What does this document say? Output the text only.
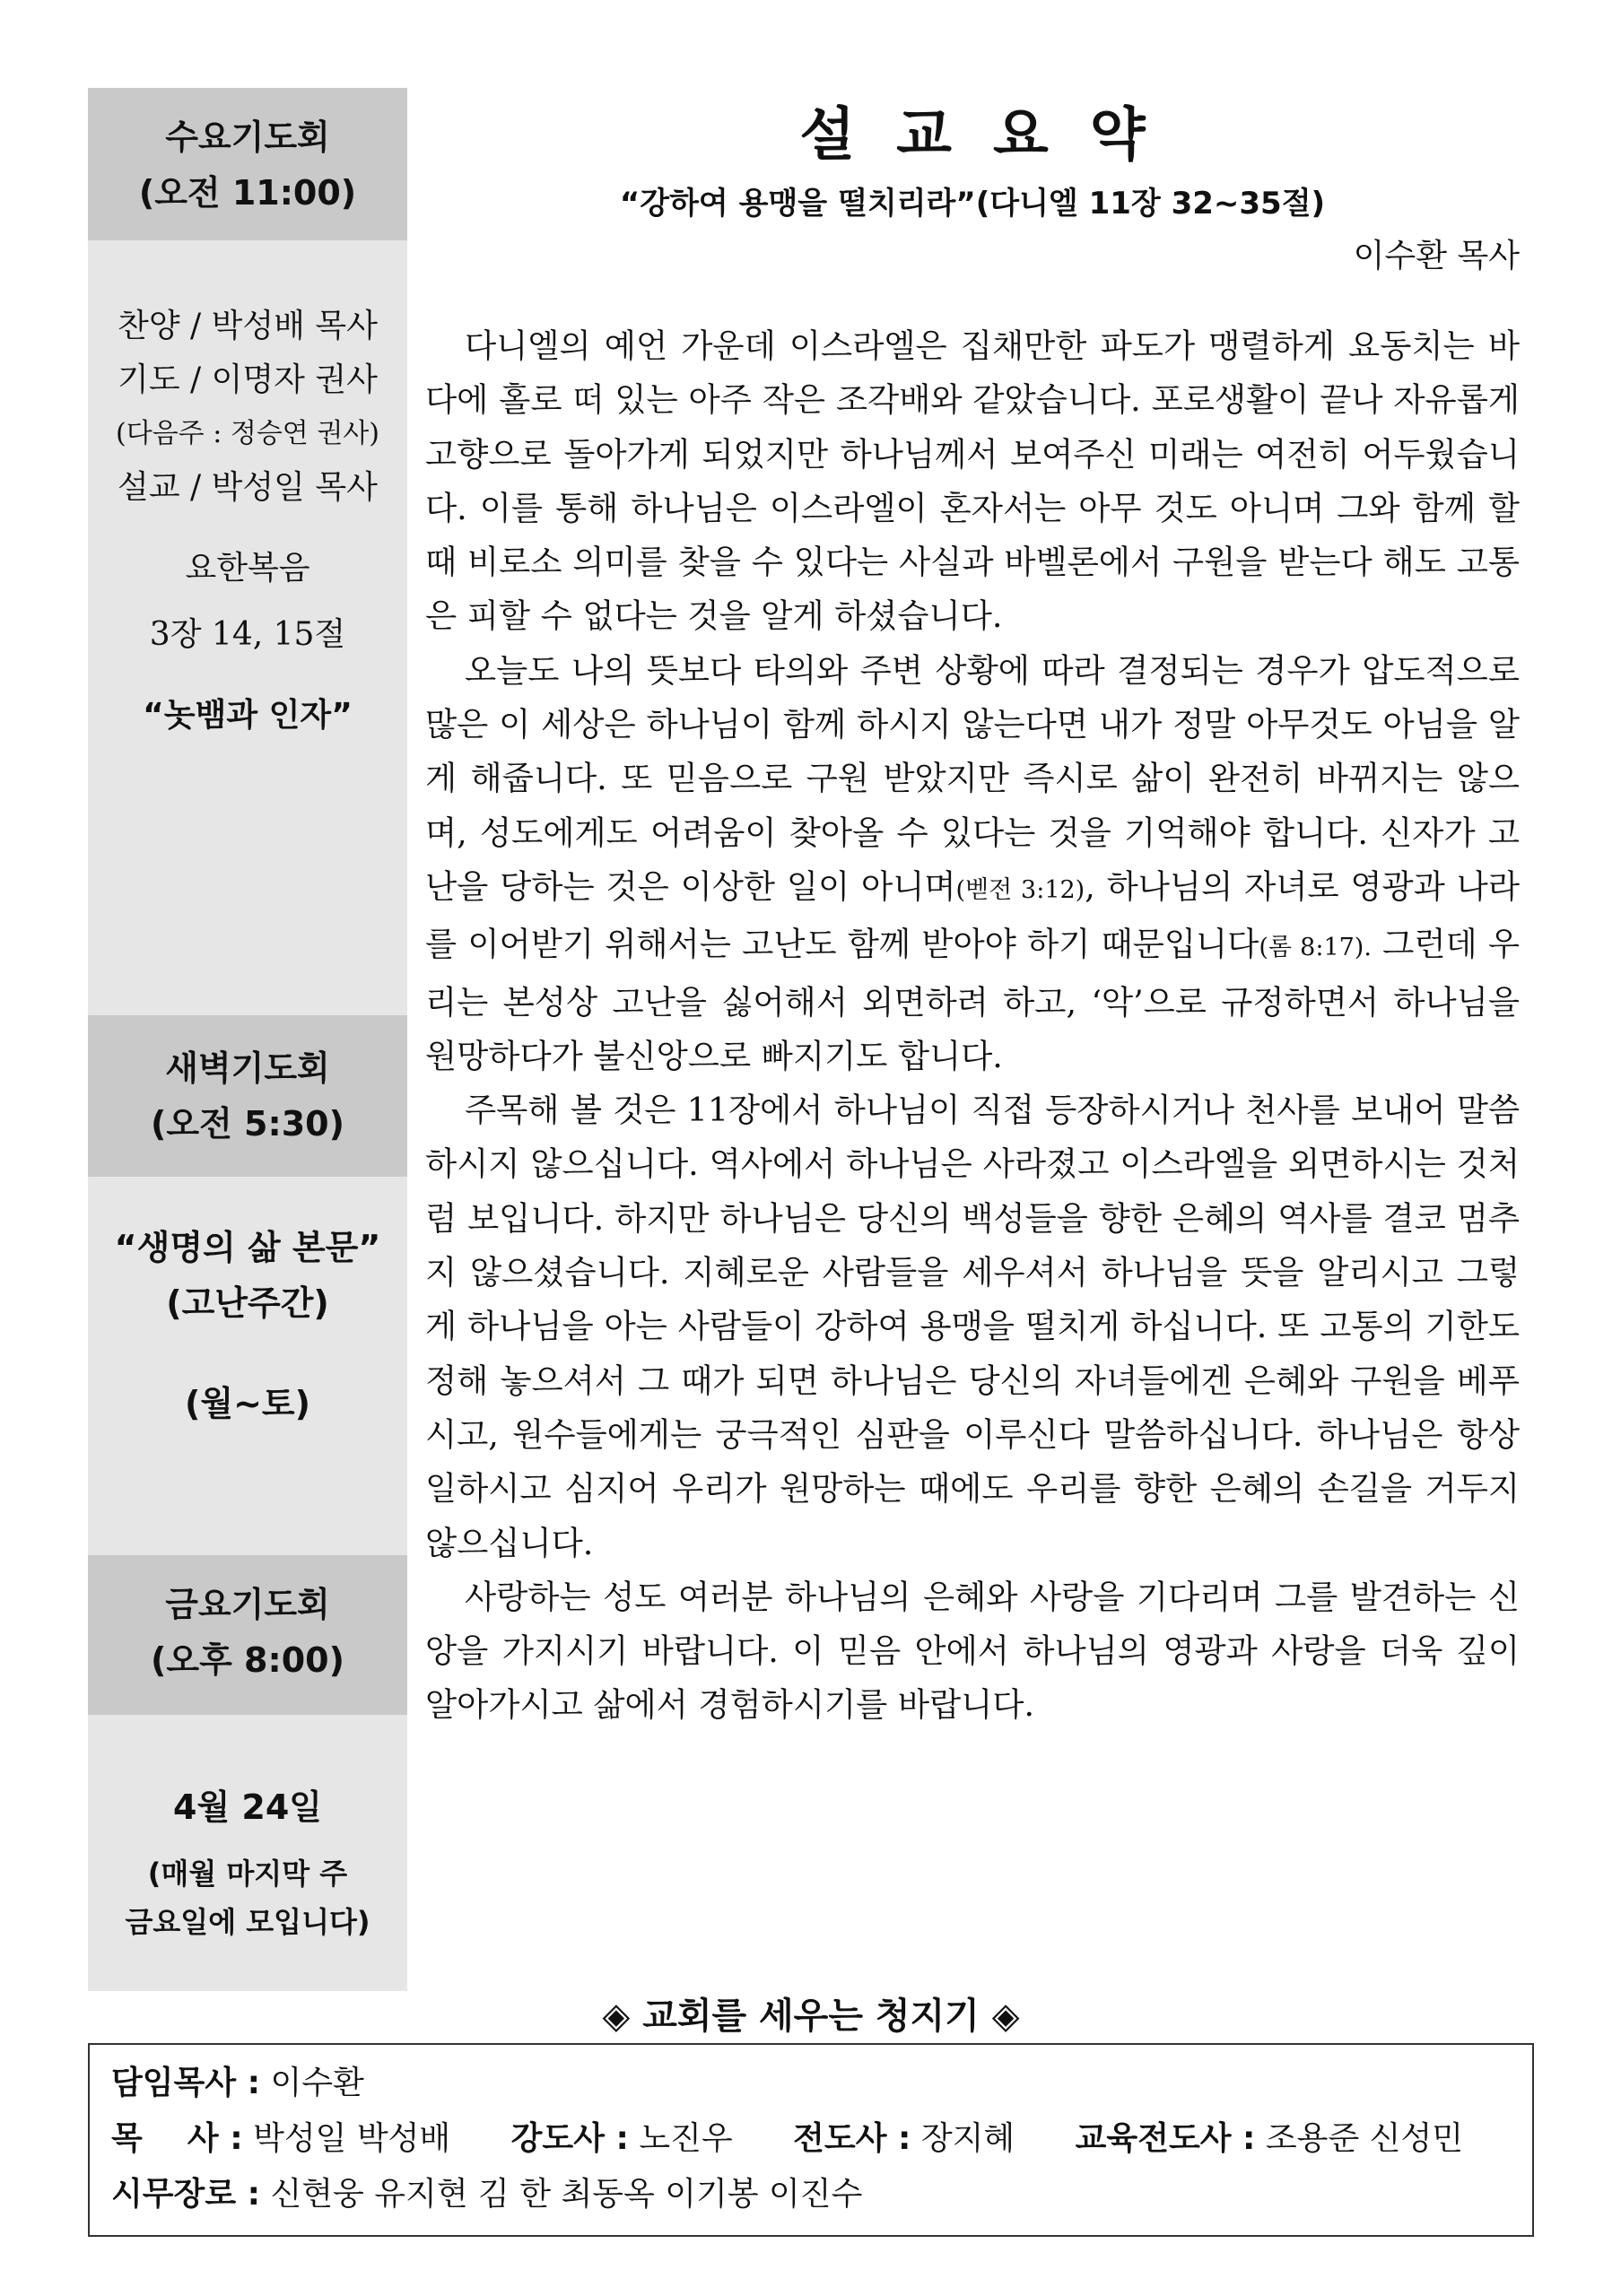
수요기도회
(오전 11:00)
찬양 / 박성배 목사
기도 / 이명자 권사
(다음주 : 정승연 권사)
설교 / 박성일 목사
요한복음
3장 14, 15절
“놋뱀과 인자”
새벽기도회
(오전 5:30)
“생명의 삶 본문”
(고난주간)
(월~토)
금요기도회
(오후 8:00)
4월 24일
(매월 마지막 주
금요일에 모입니다)
설교요약
“강하여 용맹을 떨치리라”(다니엘 11장 32~35절)
이수환 목사

다니엘의 예언 가운데 이스라엘은 집채만한 파도가 맹렬하게 요동치는 바다에 홀로 떠 있는 아주 작은 조각배와 같았습니다. 포로생활이 끝나 자유롭게 고향으로 돌아가게 되었지만 하나님께서 보여주신 미래는 여전히 어두웠습니다. 이를 통해 하나님은 이스라엘이 혼자서는 아무 것도 아니며 그와 함께 할 때 비로소 의미를 찾을 수 있다는 사실과 바벨론에서 구원을 받는다 해도 고통은 피할 수 없다는 것을 알게 하셨습니다.

오늘도 나의 뜻보다 타의와 주변 상황에 따라 결정되는 경우가 압도적으로 많은 이 세상은 하나님이 함께 하시지 않는다면 내가 정말 아무것도 아님을 알게 해줍니다. 또 믿음으로 구원 받았지만 즉시로 삶이 완전히 바뀌지는 않으며, 성도에게도 어려움이 찾아올 수 있다는 것을 기억해야 합니다. 신자가 고난을 당하는 것은 이상한 일이 아니며(벧전 3:12), 하나님의 자녀로 영광과 나라를 이어받기 위해서는 고난도 함께 받아야 하기 때문입니다(롬 8:17). 그런데 우리는 본성상 고난을 싫어해서 외면하려 하고, ‘악’으로 규정하면서 하나님을 원망하다가 불신앙으로 빠지기도 합니다.

주목해 볼 것은 11장에서 하나님이 직접 등장하시거나 천사를 보내어 말씀하시지 않으십니다. 역사에서 하나님은 사라졌고 이스라엘을 외면하시는 것처럼 보입니다. 하지만 하나님은 당신의 백성들을 향한 은혜의 역사를 결코 멈추지 않으셨습니다. 지혜로운 사람들을 세우셔서 하나님을 뜻을 알리시고 그렇게 하나님을 아는 사람들이 강하여 용맹을 떨치게 하십니다. 또 고통의 기한도 정해 놓으셔서 그 때가 되면 하나님은 당신의 자녀들에겐 은혜와 구원을 베푸시고, 원수들에게는 궁극적인 심판을 이루신다 말씀하십니다. 하나님은 항상 일하시고 심지어 우리가 원망하는 때에도 우리를 향한 은혜의 손길을 거두지 않으십니다.

사랑하는 성도 여러분 하나님의 은혜와 사랑을 기다리며 그를 발견하는 신앙을 가지시기 바랍니다. 이 믿음 안에서 하나님의 영광과 사랑을 더욱 깊이 알아가시고 삶에서 경험하시기를 바랍니다.

◈ 교회를 세우는 청지기 ◈
담임목사 : 이수환
목    사 : 박성일 박성배 강도사 : 노진우 전도사 : 장지혜 교육전도사 : 조용준 신성민
시무장로 : 신현웅 유지현 김 한 최동옥 이기봉 이진수
